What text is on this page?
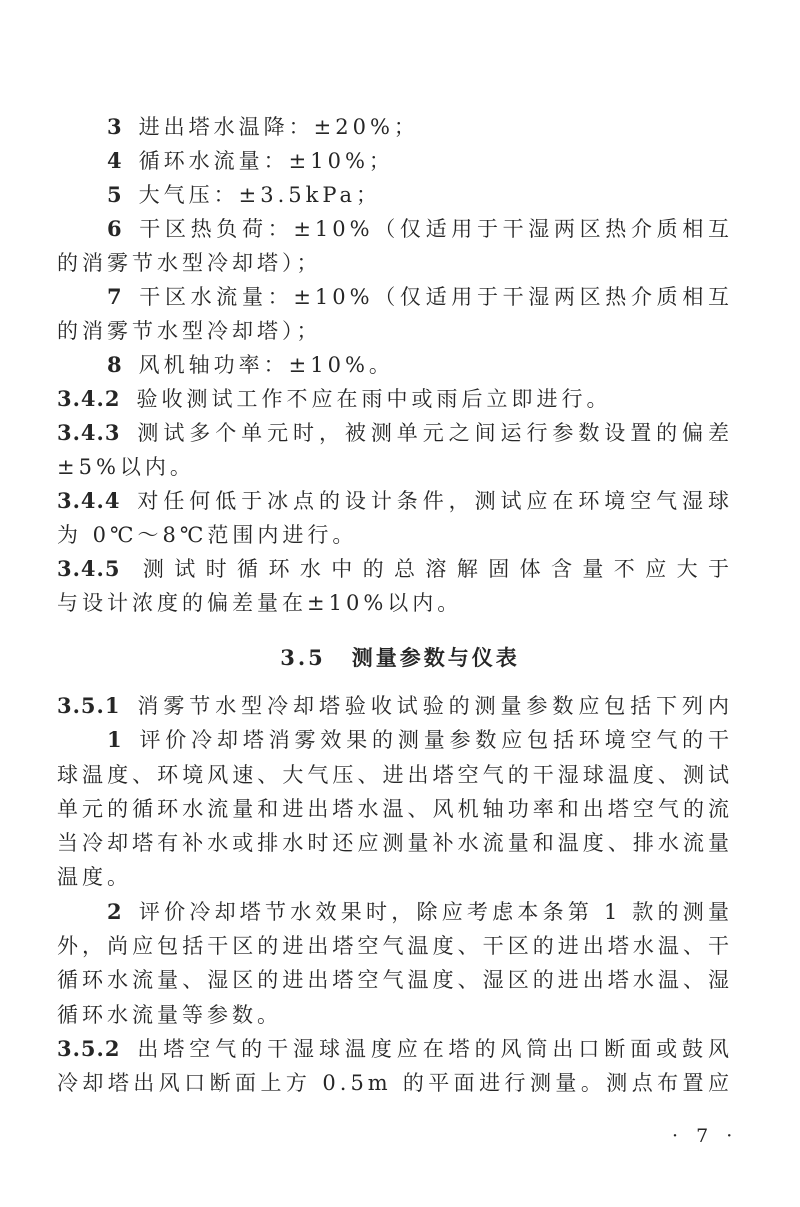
3 进出塔水温降：±20%；
4 循环水流量：±10%；
5 大气压：±3.5kPa；
6 干区热负荷：±10%（仅适用于干湿两区热介质相互
的消雾节水型冷却塔）；
7 干区水流量：±10%（仅适用于干湿两区热介质相互
的消雾节水型冷却塔）；
8 风机轴功率：±10%。
3.4.2 验收测试工作不应在雨中或雨后立即进行。
3.4.3 测试多个单元时，被测单元之间运行参数设置的偏差
±5%以内。
3.4.4 对任何低于冰点的设计条件，测试应在环境空气湿球
为 0℃～8℃范围内进行。
3.4.5 测试时循环水中的总溶解固体含量不应大于
与设计浓度的偏差量在±10%以内。
3.5 测量参数与仪表
3.5.1 消雾节水型冷却塔验收试验的测量参数应包括下列内
1 评价冷却塔消雾效果的测量参数应包括环境空气的干
球温度、环境风速、大气压、进出塔空气的干湿球温度、测试
单元的循环水流量和进出塔水温、风机轴功率和出塔空气的流
当冷却塔有补水或排水时还应测量补水流量和温度、排水流量
温度。
2 评价冷却塔节水效果时，除应考虑本条第 1 款的测量
外，尚应包括干区的进出塔空气温度、干区的进出塔水温、干
循环水流量、湿区的进出塔空气温度、湿区的进出塔水温、湿
循环水流量等参数。
3.5.2 出塔空气的干湿球温度应在塔的风筒出口断面或鼓风
冷却塔出风口断面上方 0.5m 的平面进行测量。测点布置应
· 7 ·
